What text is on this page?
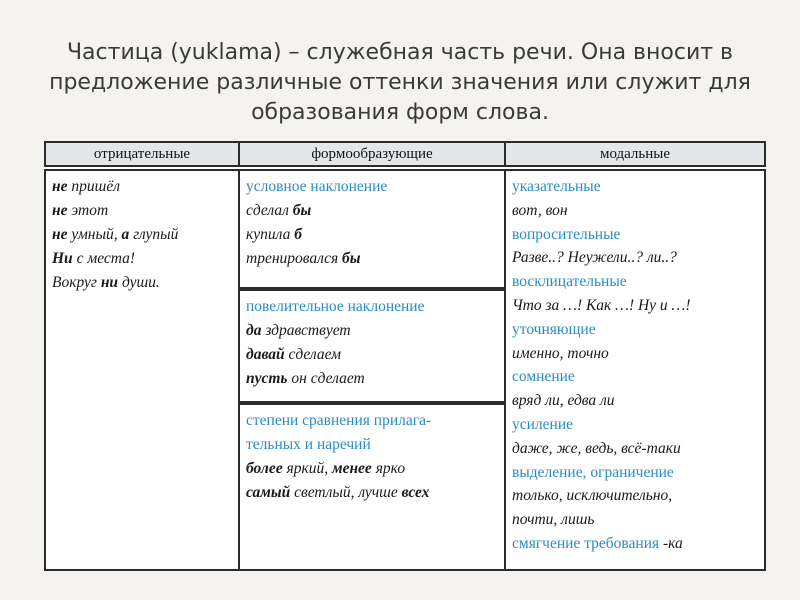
Частица (yuklama) – служебная часть речи. Она вносит в предложение различные оттенки значения или служит для образования форм слова.
отрицательные	формообразующие	модальные
не пришёл
не этот
не умный, а глупый
Ни с места!
Вокруг ни души.
условное наклонение
сделал бы
купила б
тренировался бы
повелительное наклонение
да здравствует
давай сделаем
пусть он сделает
степени сравнения прилага-
тельных и наречий
более яркий, менее ярко
самый светлый, лучше всех
указательные
вот, вон
вопросительные
Разве..? Неужели..? ли..?
восклицательные
Что за …! Как …! Ну и …!
уточняющие
именно, точно
сомнение
вряд ли, едва ли
усиление
даже, же, ведь, всё-таки
выделение, ограничение
только, исключительно,
почти, лишь
смягчение требования -ка
